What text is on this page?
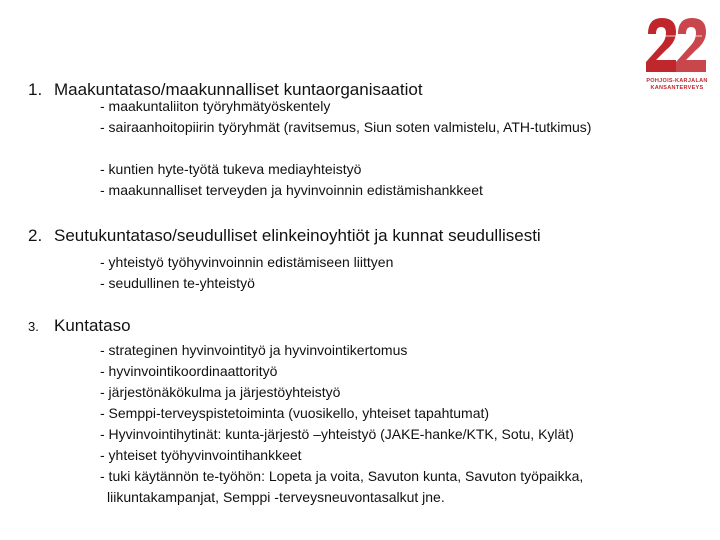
POHJOIS-KARJALAN
KANSANTERVEYS
1. Maakuntataso/maakunnalliset kuntaorganisaatiot
- maakuntaliiton työryhmätyöskentely
- sairaanhoitopiirin työryhmät (ravitsemus, Siun soten valmistelu, ATH-tutkimus)
- kuntien hyte-työtä tukeva mediayhteistyö
- maakunnalliset terveyden ja hyvinvoinnin edistämishankkeet
2. Seutukuntataso/seudulliset elinkeinoyhtiöt ja kunnat seudullisesti
- yhteistyö työhyvinvoinnin edistämiseen liittyen
- seudullinen te-yhteistyö
3. Kuntataso
- strateginen hyvinvointityö ja hyvinvointikertomus
- hyvinvointikoordinaattorityö
- järjestönäkökulma ja järjestöyhteistyö
- Semppi-terveyspistetoiminta (vuosikello, yhteiset tapahtumat)
- Hyvinvointihytinät: kunta-järjestö –yhteistyö (JAKE-hanke/KTK, Sotu, Kylät)
- yhteiset työhyvinvointihankkeet
- tuki käytännön te-työhön: Lopeta ja voita, Savuton kunta, Savuton työpaikka,
liikuntakampanjat, Semppi -terveysneuvontasalkut jne.
